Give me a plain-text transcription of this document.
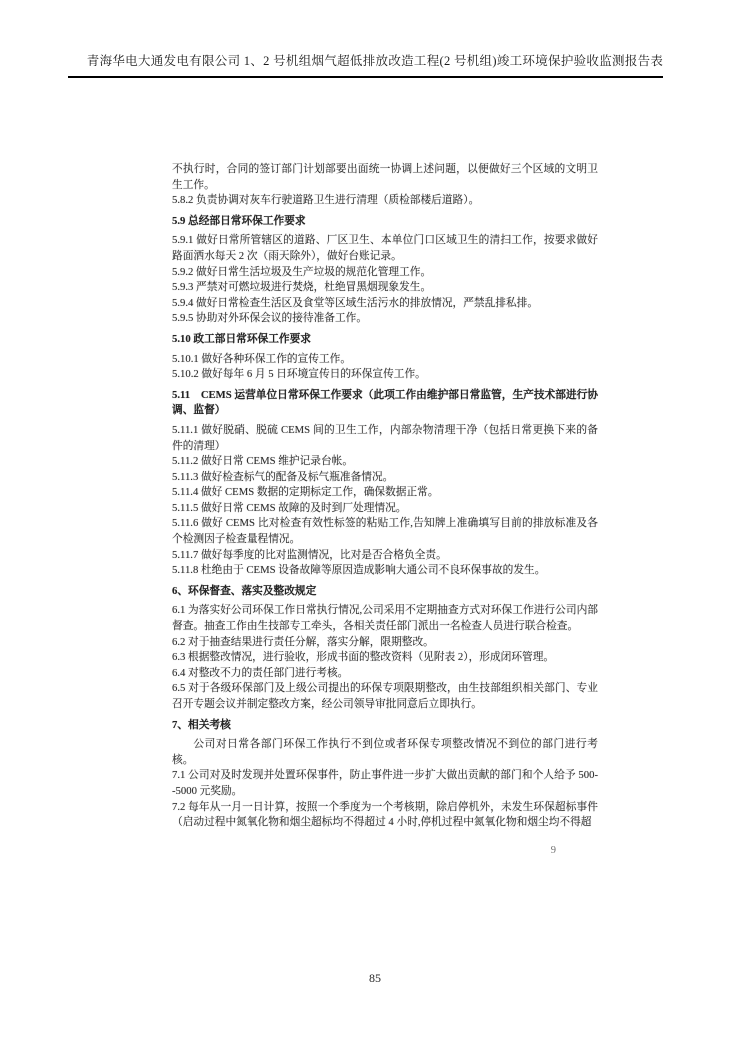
青海华电大通发电有限公司 1、2 号机组烟气超低排放改造工程(2 号机组)竣工环境保护验收监测报告表

不执行时，合同的签订部门计划部要出面统一协调上述问题，以便做好三个区域的文明卫生工作。

5.8.2 负责协调对灰车行驶道路卫生进行清理（质检部楼后道路）。

5.9 总经部日常环保工作要求

5.9.1 做好日常所管辖区的道路、厂区卫生、本单位门口区域卫生的清扫工作，按要求做好路面洒水每天 2 次（雨天除外），做好台账记录。

5.9.2 做好日常生活垃圾及生产垃圾的规范化管理工作。

5.9.3 严禁对可燃垃圾进行焚烧，杜绝冒黑烟现象发生。

5.9.4 做好日常检查生活区及食堂等区域生活污水的排放情况，严禁乱排私排。

5.9.5 协助对外环保会议的接待准备工作。

5.10 政工部日常环保工作要求

5.10.1 做好各种环保工作的宣传工作。

5.10.2 做好每年 6 月 5 日环境宣传日的环保宣传工作。

5.11　CEMS 运营单位日常环保工作要求（此项工作由维护部日常监管，生产技术部进行协调、监督）

5.11.1 做好脱硝、脱硫 CEMS 间的卫生工作，内部杂物清理干净（包括日常更换下来的备件的清理）

5.11.2 做好日常 CEMS 维护记录台帐。

5.11.3 做好检查标气的配备及标气瓶准备情况。

5.11.4 做好 CEMS 数据的定期标定工作，确保数据正常。

5.11.5 做好日常 CEMS 故障的及时到厂处理情况。

5.11.6 做好 CEMS 比对检查有效性标签的粘贴工作,告知牌上准确填写目前的排放标准及各个检测因子检查量程情况。

5.11.7 做好每季度的比对监测情况，比对是否合格负全责。

5.11.8 杜绝由于 CEMS 设备故障等原因造成影响大通公司不良环保事故的发生。

6、环保督查、落实及整改规定

6.1 为落实好公司环保工作日常执行情况,公司采用不定期抽查方式对环保工作进行公司内部督查。抽查工作由生技部专工牵头，各相关责任部门派出一名检查人员进行联合检查。

6.2 对于抽查结果进行责任分解，落实分解，限期整改。

6.3 根据整改情况，进行验收，形成书面的整改资料（见附表 2），形成闭环管理。

6.4 对整改不力的责任部门进行考核。

6.5 对于各级环保部门及上级公司提出的环保专项限期整改，由生技部组织相关部门、专业召开专题会议并制定整改方案，经公司领导审批同意后立即执行。

7、相关考核

公司对日常各部门环保工作执行不到位或者环保专项整改情况不到位的部门进行考核。

7.1 公司对及时发现并处置环保事件，防止事件进一步扩大做出贡献的部门和个人给予 500--5000 元奖励。

7.2 每年从一月一日计算，按照一个季度为一个考核期，除启停机外，未发生环保超标事件（启动过程中氮氧化物和烟尘超标均不得超过 4 小时,停机过程中氮氧化物和烟尘均不得超

9
85
